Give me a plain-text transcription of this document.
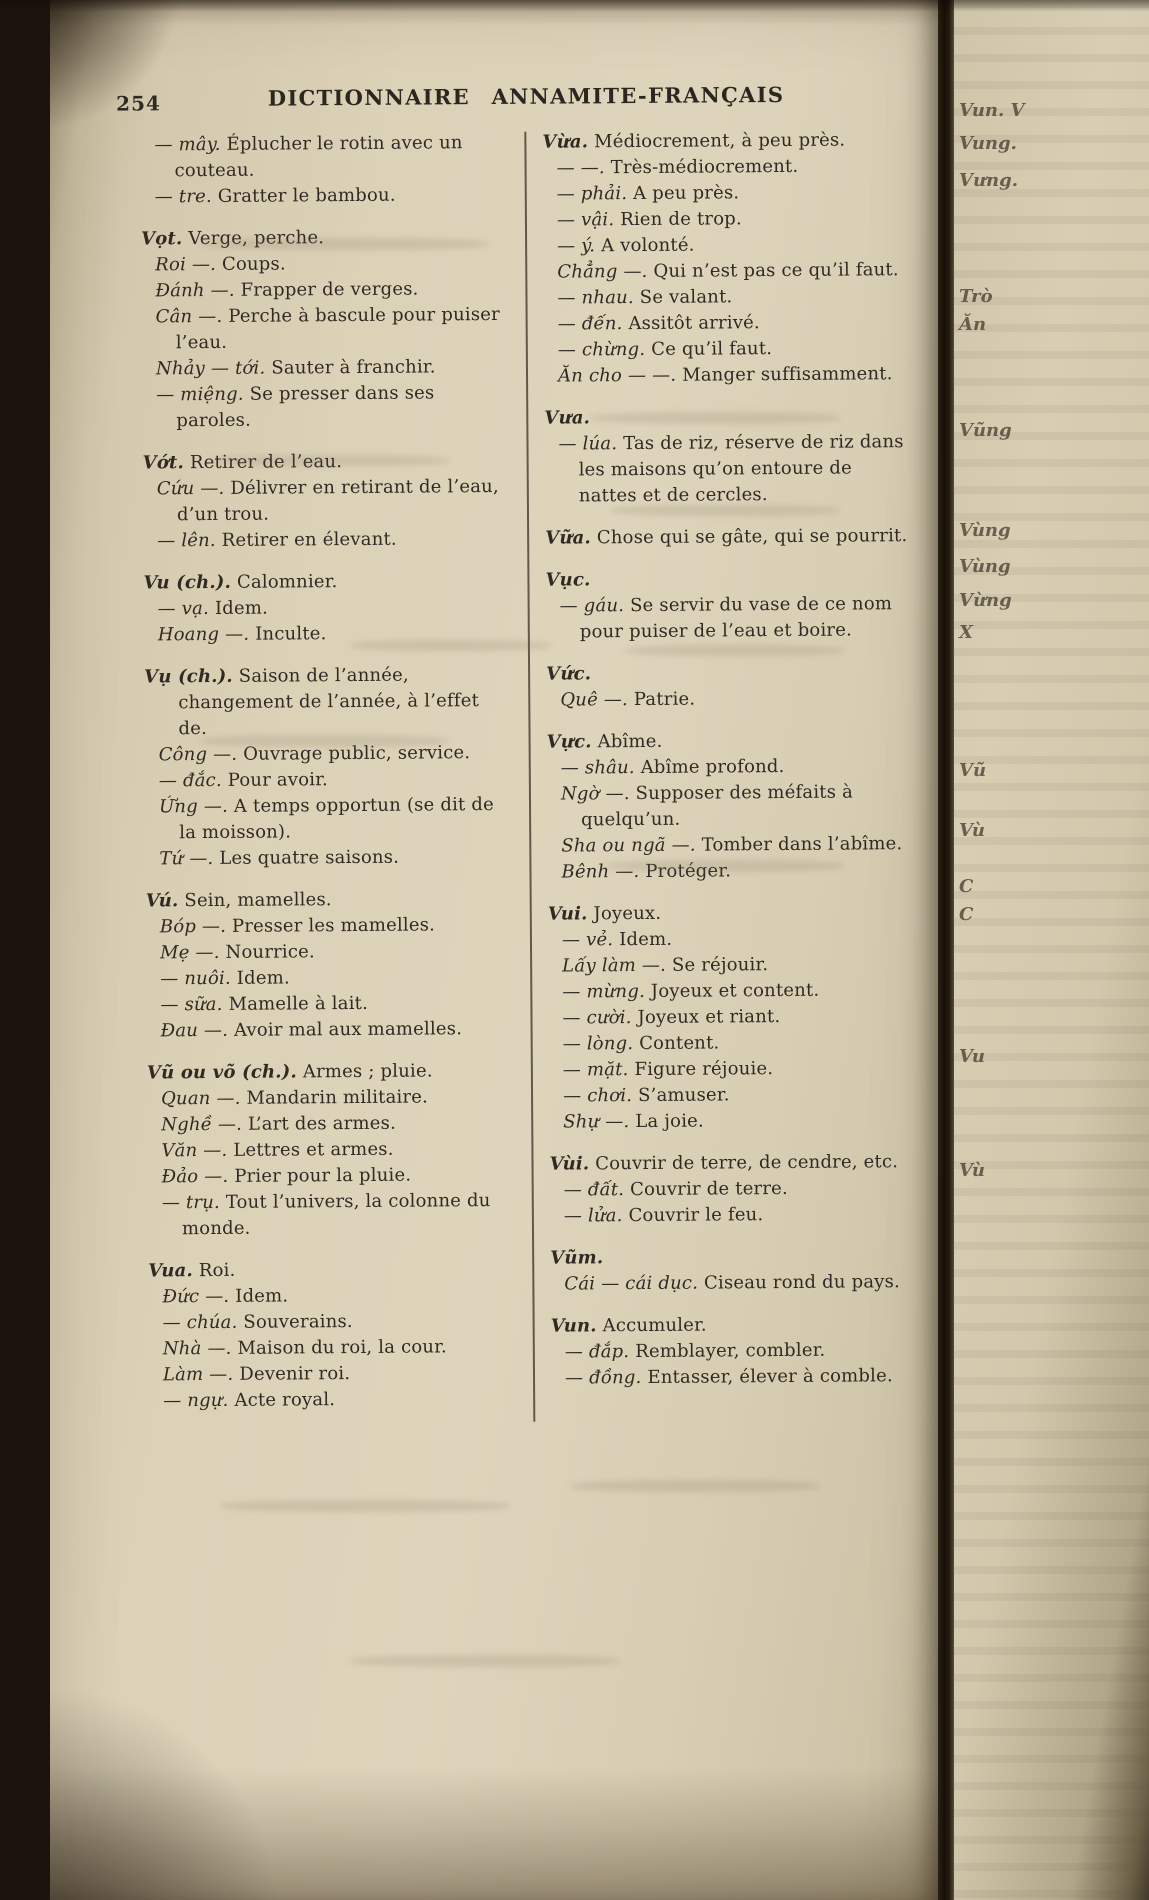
254	DICTIONNAIRE ANNAMITE-FRANÇAIS
— mây. Éplucher le rotin avec un couteau.
— tre. Gratter le bambou.
Vọt. Verge, perche.
Roi —. Coups.
Đánh —. Frapper de verges.
Cân —. Perche à bascule pour puiser l’eau.
Nhảy — tới. Sauter à franchir.
— miệng. Se presser dans ses paroles.
Vớt. Retirer de l’eau.
Cứu —. Délivrer en retirant de l’eau, d’un trou.
— lên. Retirer en élevant.
Vu (ch.). Calomnier.
— vạ. Idem.
Hoang —. Inculte.
Vụ (ch.). Saison de l’année, changement de l’année, à l’effet de.
Công —. Ouvrage public, service.
— đắc. Pour avoir.
Ứng —. A temps opportun (se dit de la moisson).
Tứ —. Les quatre saisons.
Vú. Sein, mamelles.
Bóp —. Presser les mamelles.
Mẹ —. Nourrice.
— nuôi. Idem.
— sữa. Mamelle à lait.
Đau —. Avoir mal aux mamelles.
Vũ ou võ (ch.). Armes ; pluie.
Quan —. Mandarin militaire.
Nghề —. L’art des armes.
Văn —. Lettres et armes.
Đảo —. Prier pour la pluie.
— trụ. Tout l’univers, la colonne du monde.
Vua. Roi.
Đức —. Idem.
— chúa. Souverains.
Nhà —. Maison du roi, la cour.
Làm —. Devenir roi.
— ngự. Acte royal.
Vừa. Médiocrement, à peu près.
— —. Très-médiocrement.
— phải. A peu près.
— vậi. Rien de trop.
— ý. A volonté.
Chẳng —. Qui n’est pas ce qu’il faut.
— nhau. Se valant.
— đến. Assitôt arrivé.
— chừng. Ce qu’il faut.
Ăn cho — —. Manger suffisamment.
Vưa.
— lúa. Tas de riz, réserve de riz dans les maisons qu’on entoure de nattes et de cercles.
Vữa. Chose qui se gâte, qui se pourrit.
Vục.
— gáu. Se servir du vase de ce nom pour puiser de l’eau et boire.
Vức.
Quê —. Patrie.
Vực. Abîme.
— shâu. Abîme profond.
Ngờ —. Supposer des méfaits à quelqu’un.
Sha ou ngã —. Tomber dans l’abîme.
Bênh —. Protéger.
Vui. Joyeux.
— vẻ. Idem.
Lấy làm —. Se réjouir.
— mừng. Joyeux et content.
— cười. Joyeux et riant.
— lòng. Content.
— mặt. Figure réjouie.
— chơi. S’amuser.
Shự —. La joie.
Vùi. Couvrir de terre, de cendre, etc.
— đất. Couvrir de terre.
— lửa. Couvrir le feu.
Vũm.
Cái — cái dục. Ciseau rond du pays.
Vun. Accumuler.
— đắp. Remblayer, combler.
— đồng. Entasser, élever à comble.
Vun. V
Vung.
Vưng.
Trò
Ăn
Vũng
Vùng
Vùng
Vừng
X
Vũ
Vù
C
C
Vu
Vù
